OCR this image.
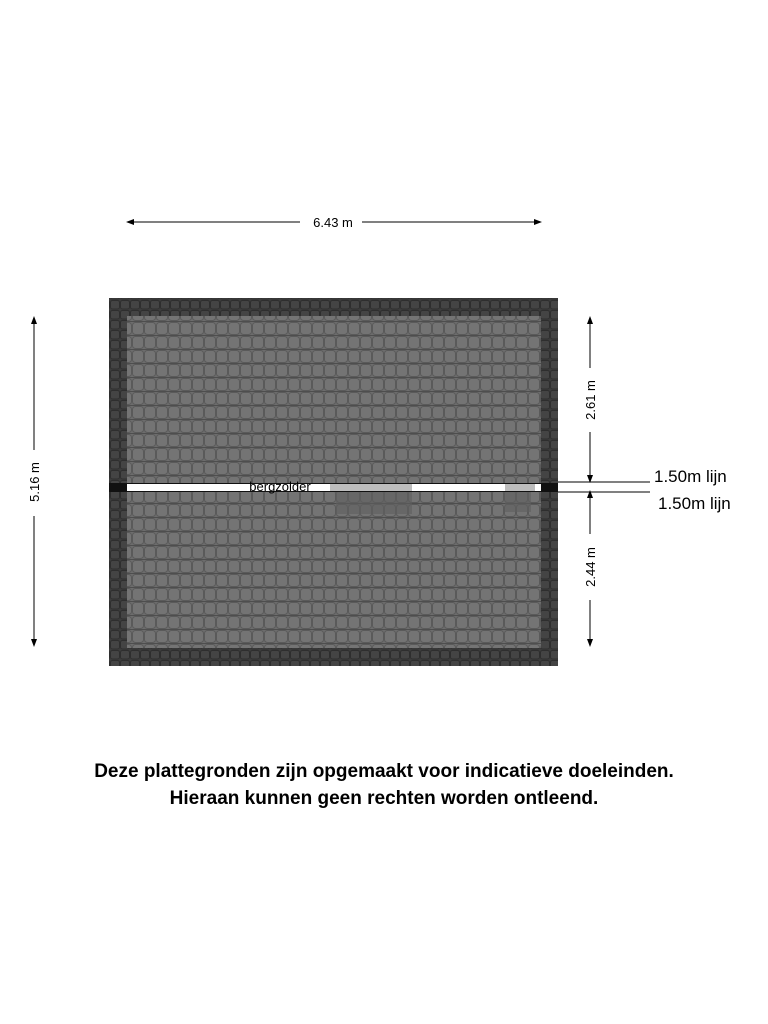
6.43 m
5.16 m	bergzolder
2.61 m
2.44 m
1.50m lijn
1.50m lijn
Deze plattegronden zijn opgemaakt voor indicatieve doeleinden.
Hieraan kunnen geen rechten worden ontleend.
